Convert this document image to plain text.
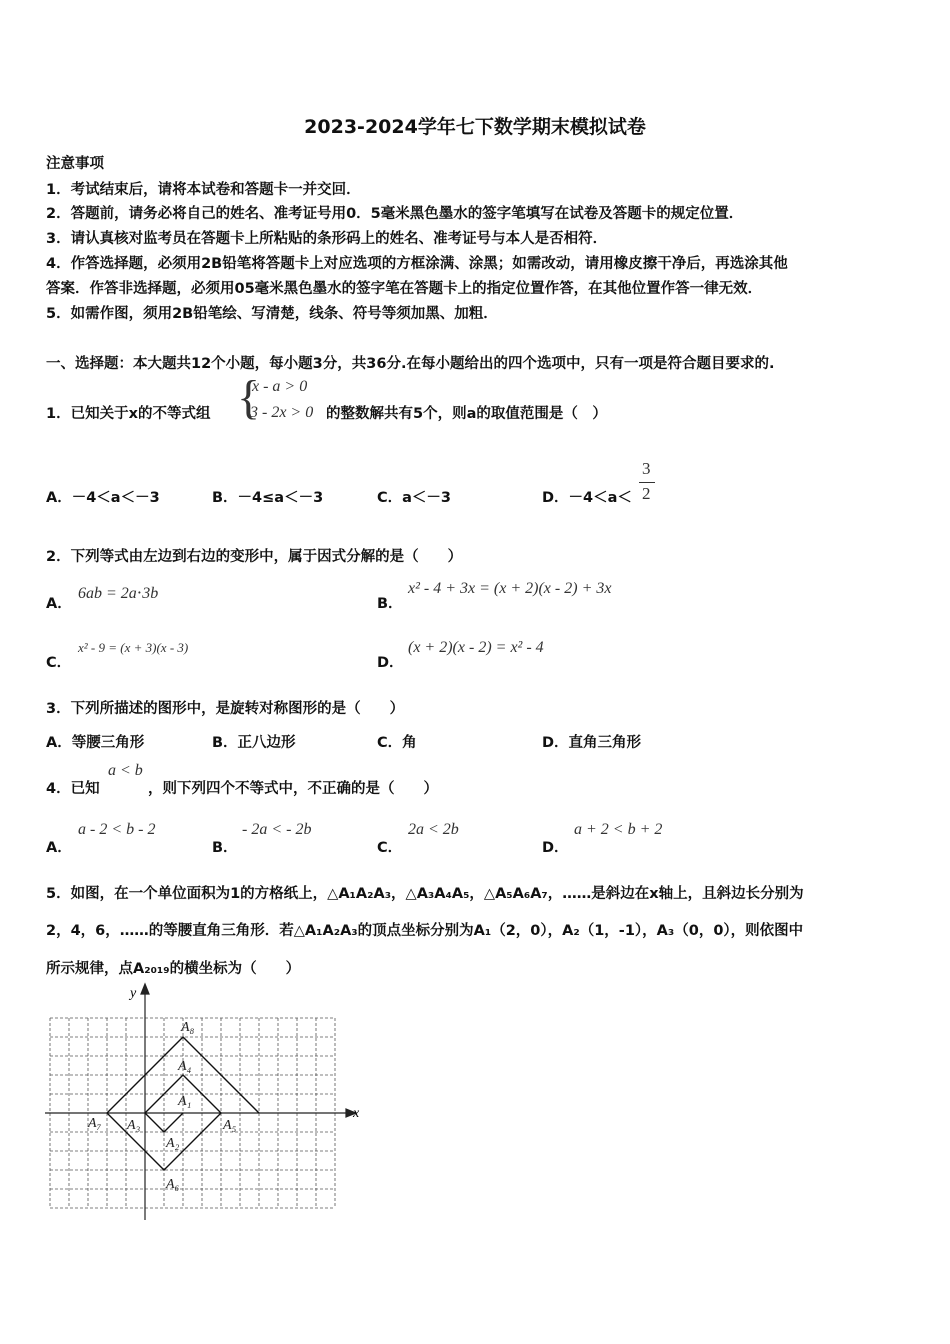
2023-2024学年七下数学期末模拟试卷
注意事项
1．考试结束后，请将本试卷和答题卡一并交回．
2．答题前，请务必将自己的姓名、准考证号用0．5毫米黑色墨水的签字笔填写在试卷及答题卡的规定位置．
3．请认真核对监考员在答题卡上所粘贴的条形码上的姓名、准考证号与本人是否相符．
4．作答选择题，必须用2B铅笔将答题卡上对应选项的方框涂满、涂黑；如需改动，请用橡皮擦干净后，再选涂其他
答案．作答非选择题，必须用05毫米黑色墨水的签字笔在答题卡上的指定位置作答，在其他位置作答一律无效．
5．如需作图，须用2B铅笔绘、写清楚，线条、符号等须加黑、加粗．
一、选择题：本大题共12个小题，每小题3分，共36分.在每小题给出的四个选项中，只有一项是符合题目要求的.
1．已知关于x的不等式组 {
x - a > 0
3 - 2x > 0 的整数解共有5个，则a的取值范围是（　）
A．－4＜a＜－3	B．－4≤a＜－3	C．a＜－3	D．－4＜a＜
3
2
2．下列等式由左边到右边的变形中，属于因式分解的是（　　）
A．
6ab = 2a⋅3b
B．
x² - 4 + 3x = (x + 2)(x - 2) + 3x
C．
x² - 9 = (x + 3)(x - 3)
D．
(x + 2)(x - 2) = x² - 4
3．下列所描述的图形中，是旋转对称图形的是（　　）
A．等腰三角形	B．正八边形	C．角	D．直角三角形
4．已知
a < b
，则下列四个不等式中，不正确的是（　　）
A．
a - 2 < b - 2
B．
- 2a < - 2b
C．
2a < 2b
D．
a + 2 < b + 2
5．如图，在一个单位面积为1的方格纸上，△A₁A₂A₃，△A₃A₄A₅，△A₅A₆A₇，……是斜边在x轴上，且斜边长分别为
2，4，6，……的等腰直角三角形．若△A₁A₂A₃的顶点坐标分别为A₁（2，0），A₂（1，-1），A₃（0，0），则依图中
所示规律，点A₂₀₁₉的横坐标为（　　）
x
y
A₁
A₂
A₃
A₄
A₅
A₆
A₇
A₈
